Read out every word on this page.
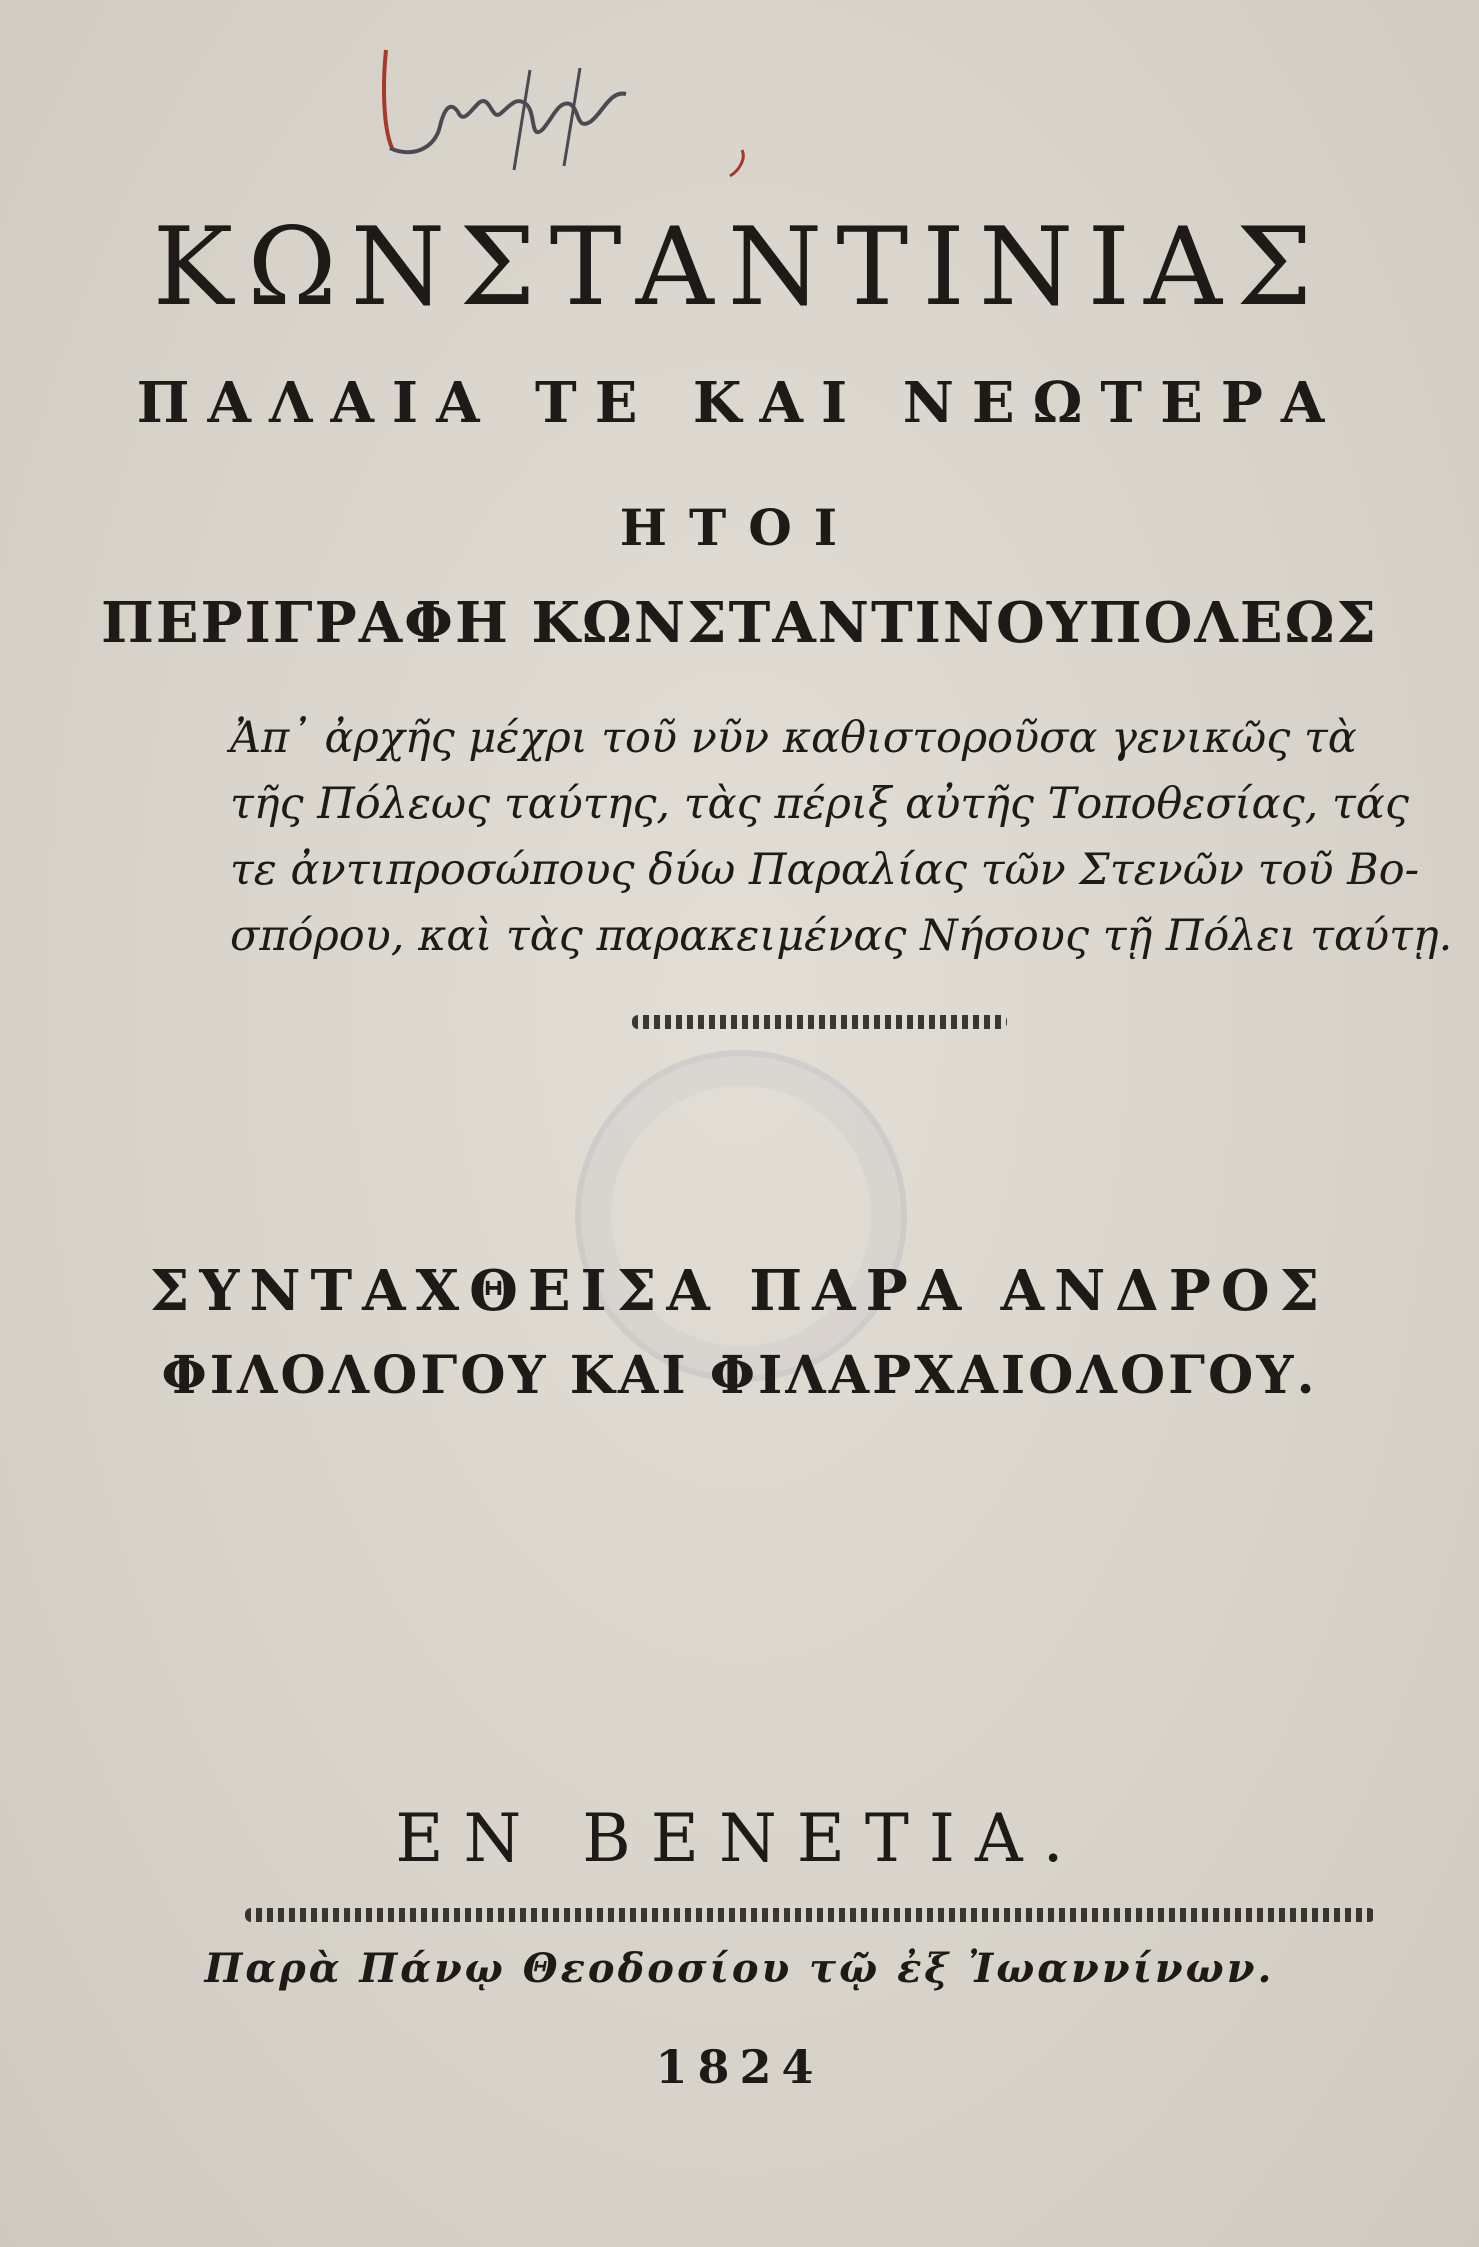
ΚΩΝΣΤΑΝΤΙΝΙΑΣ
ΠΑΛΑΙΑ ΤΕ ΚΑΙ ΝΕΩΤΕΡΑ
ΗΤΟΙ
ΠΕΡΙΓΡΑΦΗ ΚΩΝΣΤΑΝΤΙΝΟΥΠΟΛΕΩΣ
Ἀπ᾽ ἀρχῆς μέχρι τοῦ νῦν καθιστοροῦσα γενικῶς τὰ
τῆς Πόλεως ταύτης, τὰς πέριξ αὐτῆς Τοποθεσίας, τάς
τε ἀντιπροσώπους δύω Παραλίας τῶν Στενῶν τοῦ Βο-
σπόρου, καὶ τὰς παρακειμένας Νήσους τῇ Πόλει ταύτῃ.
ΣΥΝΤΑΧΘΕΙΣΑ ΠΑΡΑ ΑΝΔΡΟΣ
ΦΙΛΟΛΟΓΟΥ ΚΑΙ ΦΙΛΑΡΧΑΙΟΛΟΓΟΥ.
ΕΝ ΒΕΝΕΤΙΑ.
Παρὰ Πάνῳ Θεοδοσίου τῷ ἐξ Ἰωαννίνων.
1824
